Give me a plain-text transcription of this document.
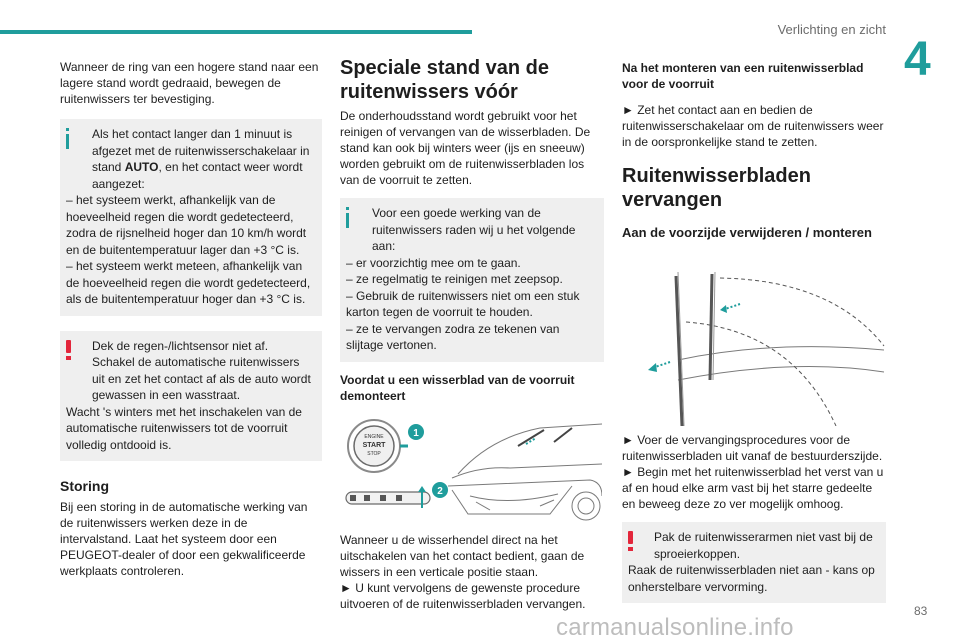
Verlichting en zicht
4

Wanneer de ring van een hogere stand naar een lagere stand wordt gedraaid, bewegen de ruitenwissers ter bevestiging.

Als het contact langer dan 1 minuut is afgezet met de ruitenwisserschakelaar in stand AUTO, en het contact weer wordt aangezet:
– het systeem werkt, afhankelijk van de hoeveelheid regen die wordt gedetecteerd, zodra de rijsnelheid hoger dan 10 km/h wordt en de buitentemperatuur lager dan +3 °C is.
– het systeem werkt meteen, afhankelijk van de hoeveelheid regen die wordt gedetecteerd, als de buitentemperatuur hoger dan +3 °C is.
Dek de regen-/lichtsensor niet af.
Schakel de automatische ruitenwissers uit en zet het contact af als de auto wordt gewassen in een wasstraat.
Wacht 's winters met het inschakelen van de automatische ruitenwissers tot de voorruit volledig ontdooid is.
Storing

Bij een storing in de automatische werking van de ruitenwissers werken deze in de intervalstand. Laat het systeem door een PEUGEOT-dealer of door een gekwalificeerde werkplaats controleren.

Speciale stand van de ruitenwissers vóór

De onderhoudsstand wordt gebruikt voor het reinigen of vervangen van de wisserbladen. De stand kan ook bij winters weer (ijs en sneeuw) worden gebruikt om de ruitenwisserbladen los van de voorruit te zetten.

Voor een goede werking van de ruitenwissers raden wij u het volgende aan:
– er voorzichtig mee om te gaan.
– ze regelmatig te reinigen met zeepsop.
– Gebruik de ruitenwissers niet om een stuk karton tegen de voorruit te houden.
– ze te vervangen zodra ze tekenen van slijtage vertonen.
Voordat u een wisserblad van de voorruit demonteert
ENGINE
START
STOP
1
2

Wanneer u de wisserhendel direct na het uitschakelen van het contact bedient, gaan de wissers in een verticale positie staan.

► U kunt vervolgens de gewenste procedure uitvoeren of de ruitenwisserbladen vervangen.

Na het monteren van een ruitenwisserblad voor de voorruit

► Zet het contact aan en bedien de ruitenwisserschakelaar om de ruitenwissers weer in de oorspronkelijke stand te zetten.

Ruitenwisserbladen vervangen
Aan de voorzijde verwijderen / monteren

► Voer de vervangingsprocedures voor de ruitenwisserbladen uit vanaf de bestuurderszijde.

► Begin met het ruitenwisserblad het verst van u af en houd elke arm vast bij het starre gedeelte en beweeg deze zo ver mogelijk omhoog.

Pak de ruitenwisserarmen niet vast bij de sproeierkoppen.
Raak de ruitenwisserbladen niet aan - kans op onherstelbare vervorming.
83
carmanualsonline.info
